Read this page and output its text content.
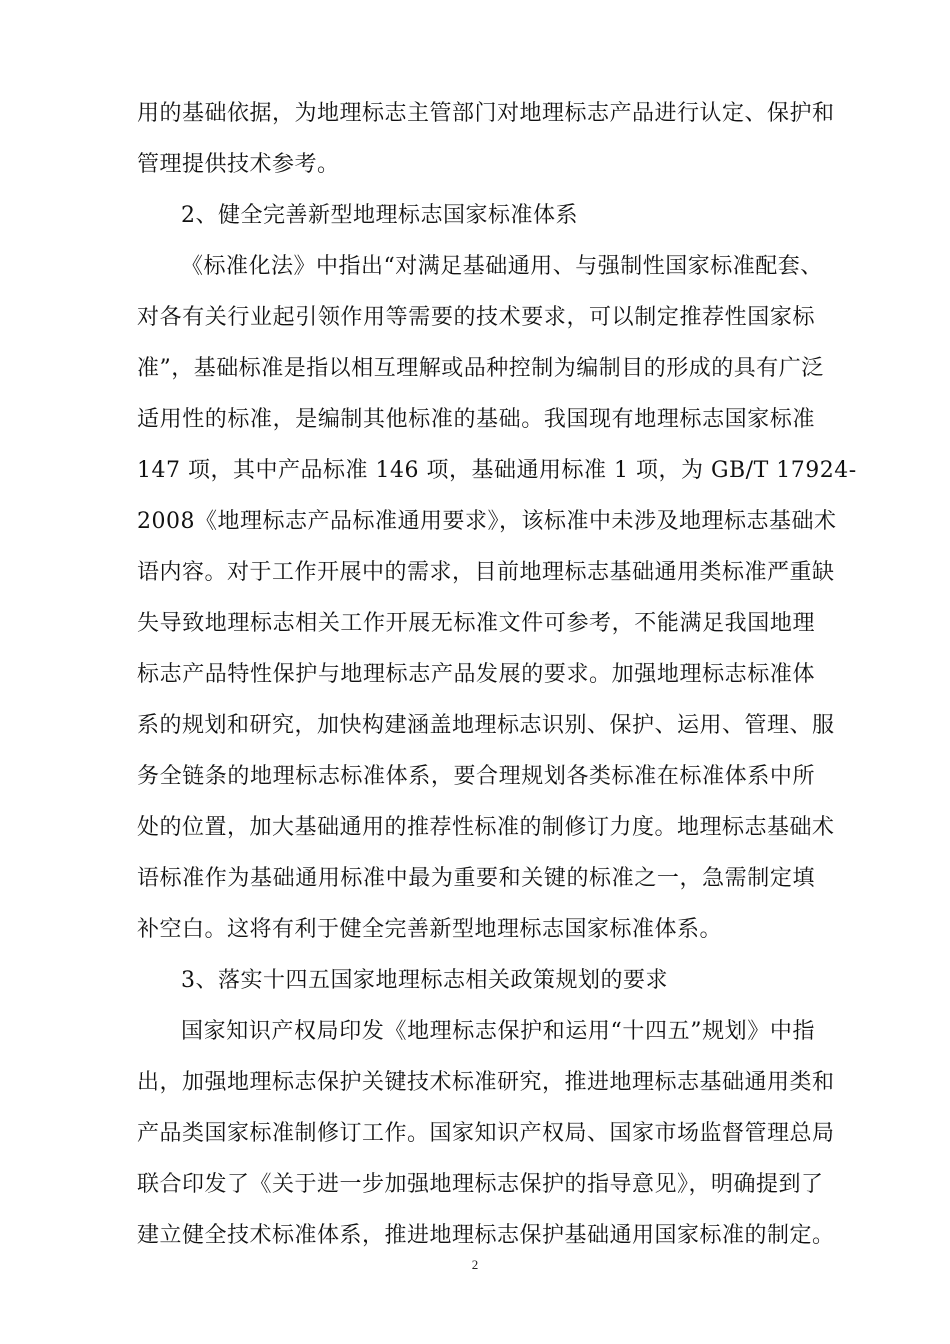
用的基础依据，为地理标志主管部门对地理标志产品进行认定、保护和
管理提供技术参考。
2、健全完善新型地理标志国家标准体系
《标准化法》中指出“对满足基础通用、与强制性国家标准配套、
对各有关行业起引领作用等需要的技术要求，可以制定推荐性国家标
准”，基础标准是指以相互理解或品种控制为编制目的形成的具有广泛
适用性的标准，是编制其他标准的基础。我国现有地理标志国家标准
147 项，其中产品标准 146 项，基础通用标准 1 项，为 GB/T 17924-
2008《地理标志产品标准通用要求》，该标准中未涉及地理标志基础术
语内容。对于工作开展中的需求，目前地理标志基础通用类标准严重缺
失导致地理标志相关工作开展无标准文件可参考，不能满足我国地理
标志产品特性保护与地理标志产品发展的要求。加强地理标志标准体
系的规划和研究，加快构建涵盖地理标志识别、保护、运用、管理、服
务全链条的地理标志标准体系，要合理规划各类标准在标准体系中所
处的位置，加大基础通用的推荐性标准的制修订力度。地理标志基础术
语标准作为基础通用标准中最为重要和关键的标准之一，急需制定填
补空白。这将有利于健全完善新型地理标志国家标准体系。
3、落实十四五国家地理标志相关政策规划的要求
国家知识产权局印发《地理标志保护和运用“十四五”规划》中指
出，加强地理标志保护关键技术标准研究，推进地理标志基础通用类和
产品类国家标准制修订工作。国家知识产权局、国家市场监督管理总局
联合印发了《关于进一步加强地理标志保护的指导意见》，明确提到了
建立健全技术标准体系，推进地理标志保护基础通用国家标准的制定。
2
